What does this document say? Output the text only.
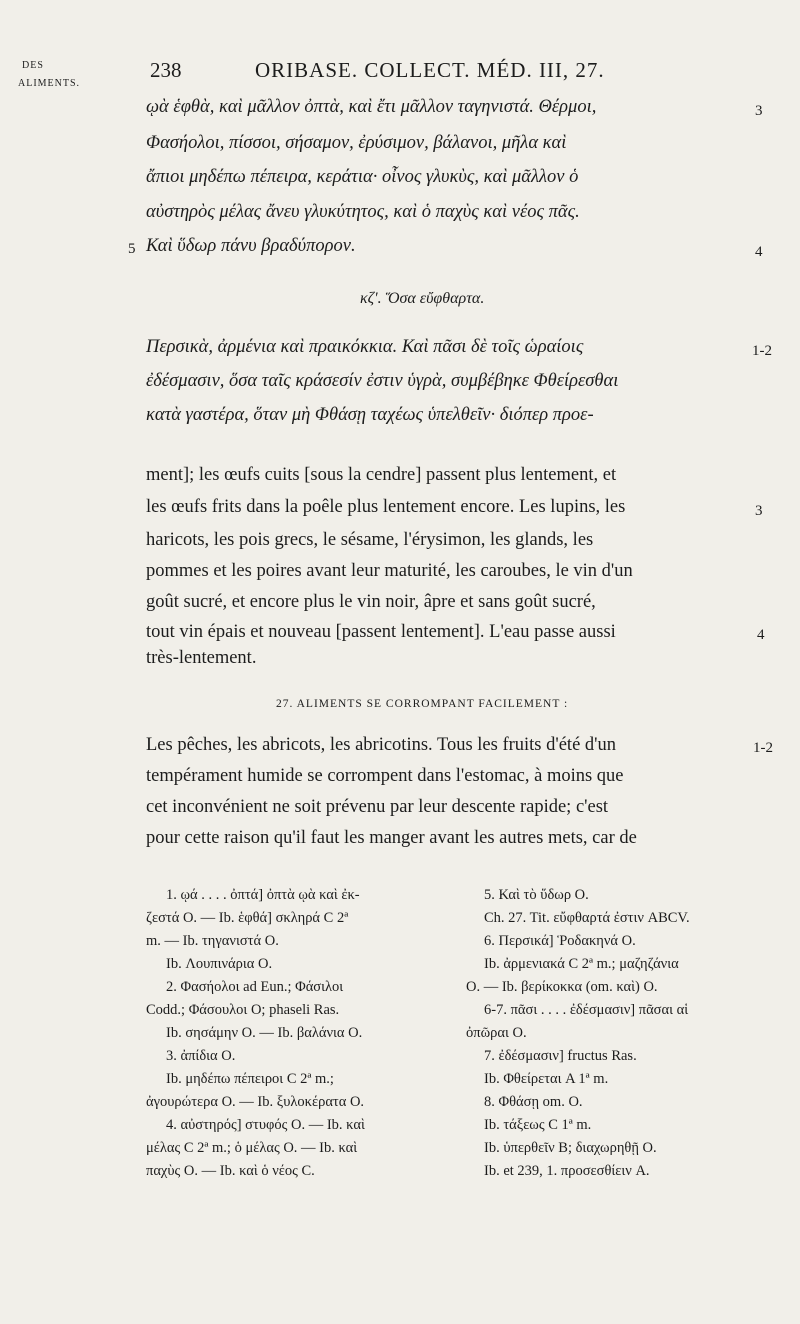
DES
ALIMENTS.
238	ORIBASE. COLLECT. MÉD. III, 27.
ῳὰ ἑφθὰ, καὶ μᾶλλον ὀπτὰ, καὶ ἔτι μᾶλλον ταγηνιστά. Θέρμοι,	3
Φασήολοι, πίσσοι, σήσαμον, ἐρύσιμον, βάλανοι, μῆλα καὶ
ἄπιοι μηδέπω πέπειρα, κεράτια· οἶνος γλυκὺς, καὶ μᾶλλον ὁ
αὐστηρὸς μέλας ἄνευ γλυκύτητος, καὶ ὁ παχὺς καὶ νέος πᾶς.
5 Καὶ ὕδωρ πάνυ βραδύπορον.	4
κζ'. Ὅσα εὔφθαρτα.
Περσικὰ, ἀρμένια καὶ πραικόκκια. Καὶ πᾶσι δὲ τοῖς ὡραίοις	1-2
ἐδέσμασιν, ὅσα ταῖς κράσεσίν ἐστιν ὑγρὰ, συμβέβηκε Φθείρεσθαι
κατὰ γαστέρα, ὅταν μὴ Φθάσῃ ταχέως ὑπελθεῖν· διόπερ προε-
ment]; les œufs cuits [sous la cendre] passent plus lentement, et
les œufs frits dans la poêle plus lentement encore. Les lupins, les	3
haricots, les pois grecs, le sésame, l'érysimon, les glands, les
pommes et les poires avant leur maturité, les caroubes, le vin d'un
goût sucré, et encore plus le vin noir, âpre et sans goût sucré,
tout vin épais et nouveau [passent lentement]. L'eau passe aussi	4
très-lentement.
27. ALIMENTS SE CORROMPANT FACILEMENT :
Les pêches, les abricots, les abricotins. Tous les fruits d'été d'un	1-2
tempérament humide se corrompent dans l'estomac, à moins que
cet inconvénient ne soit prévenu par leur descente rapide; c'est
pour cette raison qu'il faut les manger avant les autres mets, car de
1. ῳά . . . . ὀπτά] ὀπτὰ ῳὰ καὶ ἐκ-
ζεστά O. — Ib. ἑφθά] σκληρά C 2ª
m. — Ib. τηγανιστά O.
Ib. Λουπινάρια O.
2. Φασήολοι ad Eun.; Φάσιλοι
Codd.; Φάσουλοι O; phaseli Ras.
Ib. σησάμην O. — Ib. βαλάνια O.
3. ἀπίδια O.
Ib. μηδέπω πέπειροι C 2ª m.;
ἀγουρώτερα O. — Ib. ξυλοκέρατα O.
4. αὐστηρός] στυφός O. — Ib. καὶ
μέλας C 2ª m.; ὁ μέλας O. — Ib. καὶ
παχὺς O. — Ib. καὶ ὁ νέος C.
5. Καὶ τὸ ὕδωρ O.
Ch. 27. Tit. εὔφθαρτά ἐστιν ABCV.
6. Περσικά] Ῥοδακηνά O.
Ib. ἀρμενιακά C 2ª m.; μαζηζάνια
O. — Ib. βερίκοκκα (om. καὶ) O.
6-7. πᾶσι . . . . ἐδέσμασιν] πᾶσαι αἱ
ὀπῶραι O.
7. ἐδέσμασιν] fructus Ras.
Ib. Φθείρεται A 1ª m.
8. Φθάσῃ om. O.
Ib. τάξεως C 1ª m.
Ib. ὑπερθεῖν B; διαχωρηθῇ O.
Ib. et 239, 1. προσεσθίειν A.
